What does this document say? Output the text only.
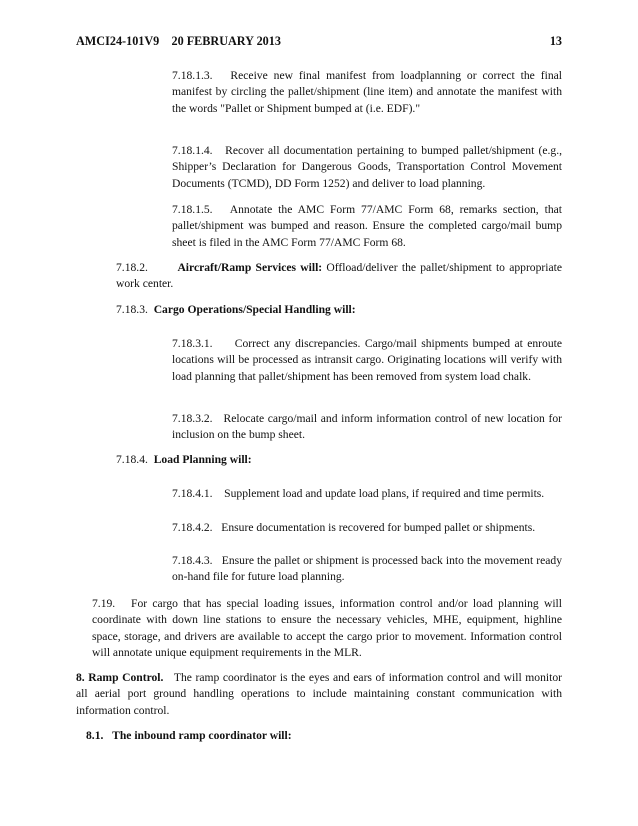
AMCI24-101V9 20 FEBRUARY 2013	13

7.18.1.3. Receive new final manifest from loadplanning or correct the final manifest by circling the pallet/shipment (line item) and annotate the manifest with the words "Pallet or Shipment bumped at (i.e. EDF)."

7.18.1.4. Recover all documentation pertaining to bumped pallet/shipment (e.g., Shipper’s Declaration for Dangerous Goods, Transportation Control Movement Documents (TCMD), DD Form 1252) and deliver to load planning.

7.18.1.5. Annotate the AMC Form 77/AMC Form 68, remarks section, that pallet/shipment was bumped and reason. Ensure the completed cargo/mail bump sheet is filed in the AMC Form 77/AMC Form 68.

7.18.2.	Aircraft/Ramp Services will: Offload/deliver the pallet/shipment to appropriate work center.

7.18.3. Cargo Operations/Special Handling will:

7.18.3.1. Correct any discrepancies. Cargo/mail shipments bumped at enroute locations will be processed as intransit cargo. Originating locations will verify with load planning that pallet/shipment has been removed from system load chalk.

7.18.3.2. Relocate cargo/mail and inform information control of new location for inclusion on the bump sheet.

7.18.4. Load Planning will:

7.18.4.1. Supplement load and update load plans, if required and time permits.

7.18.4.2. Ensure documentation is recovered for bumped pallet or shipments.

7.18.4.3. Ensure the pallet or shipment is processed back into the movement ready on-hand file for future load planning.

7.19. For cargo that has special loading issues, information control and/or load planning will coordinate with down line stations to ensure the necessary vehicles, MHE, equipment, highline space, storage, and drivers are available to accept the cargo prior to movement. Information control will annotate unique equipment requirements in the MLR.

8. Ramp Control. The ramp coordinator is the eyes and ears of information control and will monitor all aerial port ground handling operations to include maintaining constant communication with information control.

8.1. The inbound ramp coordinator will:
